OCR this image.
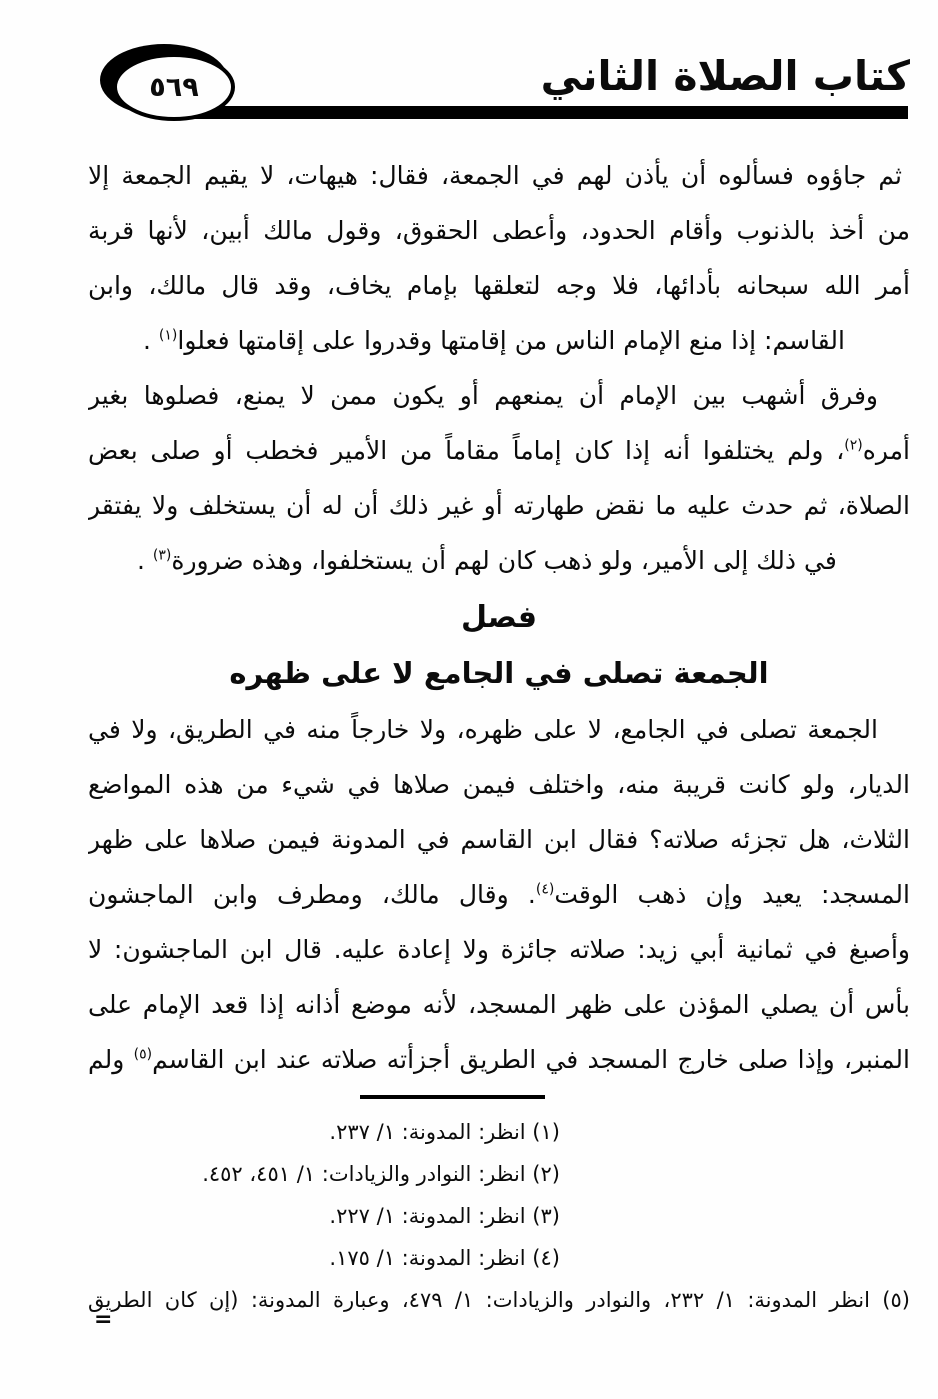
٥٦٩	كتاب الصلاة الثاني

ثم جاؤوه فسألوه أن يأذن لهم في الجمعة، فقال: هيهات، لا يقيم الجمعة إلا

من أخذ بالذنوب وأقام الحدود، وأعطى الحقوق، وقول مالك أبين، لأنها قربة

أمر الله سبحانه بأدائها، فلا وجه لتعلقها بإمام يخاف، وقد قال مالك، وابن

القاسم: إذا منع الإمام الناس من إقامتها وقدروا على إقامتها فعلوا$^{(١)}$ .

وفرق أشهب بين الإمام أن يمنعهم أو يكون ممن لا يمنع، فصلوها بغير

أمره$^{(٢)}$، ولم يختلفوا أنه إذا كان إماماً مقاماً من الأمير فخطب أو صلى بعض

الصلاة، ثم حدث عليه ما نقض طهارته أو غير ذلك أن له أن يستخلف ولا يفتقر

في ذلك إلى الأمير، ولو ذهب كان لهم أن يستخلفوا، وهذه ضرورة$^{(٣)}$ .

فصل
الجمعة تصلى في الجامع لا على ظهره

الجمعة تصلى في الجامع، لا على ظهره، ولا خارجاً منه في الطريق، ولا في

الديار، ولو كانت قريبة منه، واختلف فيمن صلاها في شيء من هذه المواضع

الثلاث، هل تجزئه صلاته؟ فقال ابن القاسم في المدونة فيمن صلاها على ظهر

المسجد: يعيد وإن ذهب الوقت$^{(٤)}$. وقال مالك، ومطرف وابن الماجشون

وأصبغ في ثمانية أبي زيد: صلاته جائزة ولا إعادة عليه. قال ابن الماجشون: لا

بأس أن يصلي المؤذن على ظهر المسجد، لأنه موضع أذانه إذا قعد الإمام على

المنبر، وإذا صلى خارج المسجد في الطريق أجزأته صلاته عند ابن القاسم$^{(٥)}$ ولم

(١) انظر: المدونة: ١/ ٢٣٧.

(٢) انظر: النوادر والزيادات: ١/ ٤٥١، ٤٥٢.

(٣) انظر: المدونة: ١/ ٢٢٧.

(٤) انظر: المدونة: ١/ ١٧٥.

(٥) انظر المدونة: ١/ ٢٣٢، والنوادر والزيادات: ١/ ٤٧٩، وعبارة المدونة: (إن كان الطريق

=
